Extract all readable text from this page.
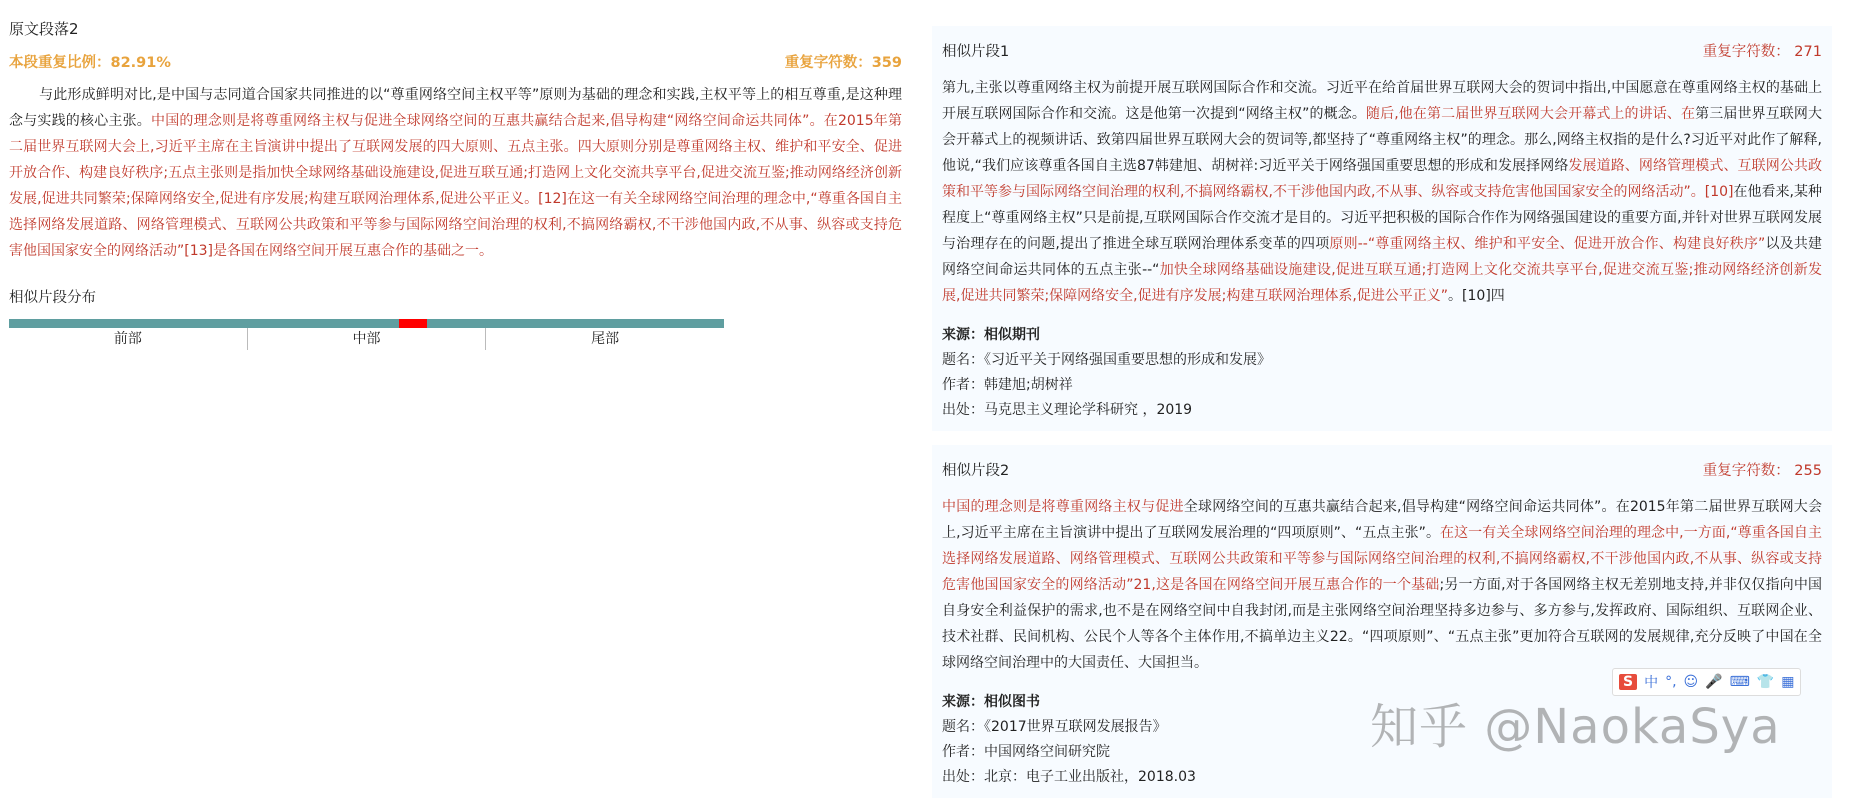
原文段落2
本段重复比例：82.91%	重复字符数：359
与此形成鲜明对比,是中国与志同道合国家共同推进的以“尊重网络空间主权平等”原则为基础的理念和实践,主权平等上的相互尊重,是这种理念与实践的核心主张。中国的理念则是将尊重网络主权与促进全球网络空间的互惠共赢结合起来,倡导构建“网络空间命运共同体”。在2015年第二届世界互联网大会上,习近平主席在主旨演讲中提出了互联网发展的四大原则、五点主张。四大原则分别是尊重网络主权、维护和平安全、促进开放合作、构建良好秩序;五点主张则是指加快全球网络基础设施建设,促进互联互通;打造网上文化交流共享平台,促进交流互鉴;推动网络经济创新发展,促进共同繁荣;保障网络安全,促进有序发展;构建互联网治理体系,促进公平正义。[12]在这一有关全球网络空间治理的理念中,“尊重各国自主选择网络发展道路、网络管理模式、互联网公共政策和平等参与国际网络空间治理的权利,不搞网络霸权,不干涉他国内政,不从事、纵容或支持危害他国国家安全的网络活动”[13]是各国在网络空间开展互惠合作的基础之一。
相似片段分布
前部	中部	尾部
相似片段1	重复字符数： 271
第九,主张以尊重网络主权为前提开展互联网国际合作和交流。习近平在给首届世界互联网大会的贺词中指出,中国愿意在尊重网络主权的基础上开展互联网国际合作和交流。这是他第一次提到“网络主权”的概念。随后,他在第二届世界互联网大会开幕式上的讲话、在第三届世界互联网大会开幕式上的视频讲话、致第四届世界互联网大会的贺词等,都坚持了“尊重网络主权”的理念。那么,网络主权指的是什么?习近平对此作了解释,他说,“我们应该尊重各国自主选87韩建旭、胡树祥:习近平关于网络强国重要思想的形成和发展择网络发展道路、网络管理模式、互联网公共政策和平等参与国际网络空间治理的权利,不搞网络霸权,不干涉他国内政,不从事、纵容或支持危害他国国家安全的网络活动”。[10]在他看来,某种程度上“尊重网络主权”只是前提,互联网国际合作交流才是目的。习近平把积极的国际合作作为网络强国建设的重要方面,并针对世界互联网发展与治理存在的问题,提出了推进全球互联网治理体系变革的四项原则--“尊重网络主权、维护和平安全、促进开放合作、构建良好秩序”以及共建网络空间命运共同体的五点主张--“加快全球网络基础设施建设,促进互联互通;打造网上文化交流共享平台,促进交流互鉴;推动网络经济创新发展,促进共同繁荣;保障网络安全,促进有序发展;构建互联网治理体系,促进公平正义”。[10]四
来源：相似期刊
题名：《习近平关于网络强国重要思想的形成和发展》
作者：韩建旭;胡树祥
出处：马克思主义理论学科研究 ，2019
相似片段2	重复字符数： 255
中国的理念则是将尊重网络主权与促进全球网络空间的互惠共赢结合起来,倡导构建“网络空间命运共同体”。在2015年第二届世界互联网大会上,习近平主席在主旨演讲中提出了互联网发展治理的“四项原则”、“五点主张”。在这一有关全球网络空间治理的理念中,一方面,“尊重各国自主选择网络发展道路、网络管理模式、互联网公共政策和平等参与国际网络空间治理的权利,不搞网络霸权,不干涉他国内政,不从事、纵容或支持危害他国国家安全的网络活动”21,这是各国在网络空间开展互惠合作的一个基础;另一方面,对于各国网络主权无差别地支持,并非仅仅指向中国自身安全利益保护的需求,也不是在网络空间中自我封闭,而是主张网络空间治理坚持多边参与、多方参与,发挥政府、国际组织、互联网企业、技术社群、民间机构、公民个人等各个主体作用,不搞单边主义22。“四项原则”、“五点主张”更加符合互联网的发展规律,充分反映了中国在全球网络空间治理中的大国责任、大国担当。
来源：相似图书
题名：《2017世界互联网发展报告》
作者：中国网络空间研究院
出处：北京：电子工业出版社，2018.03
知乎 @NaokaSya
S 中 °, ☺ 🎤 ⌨ 👕 ▦
